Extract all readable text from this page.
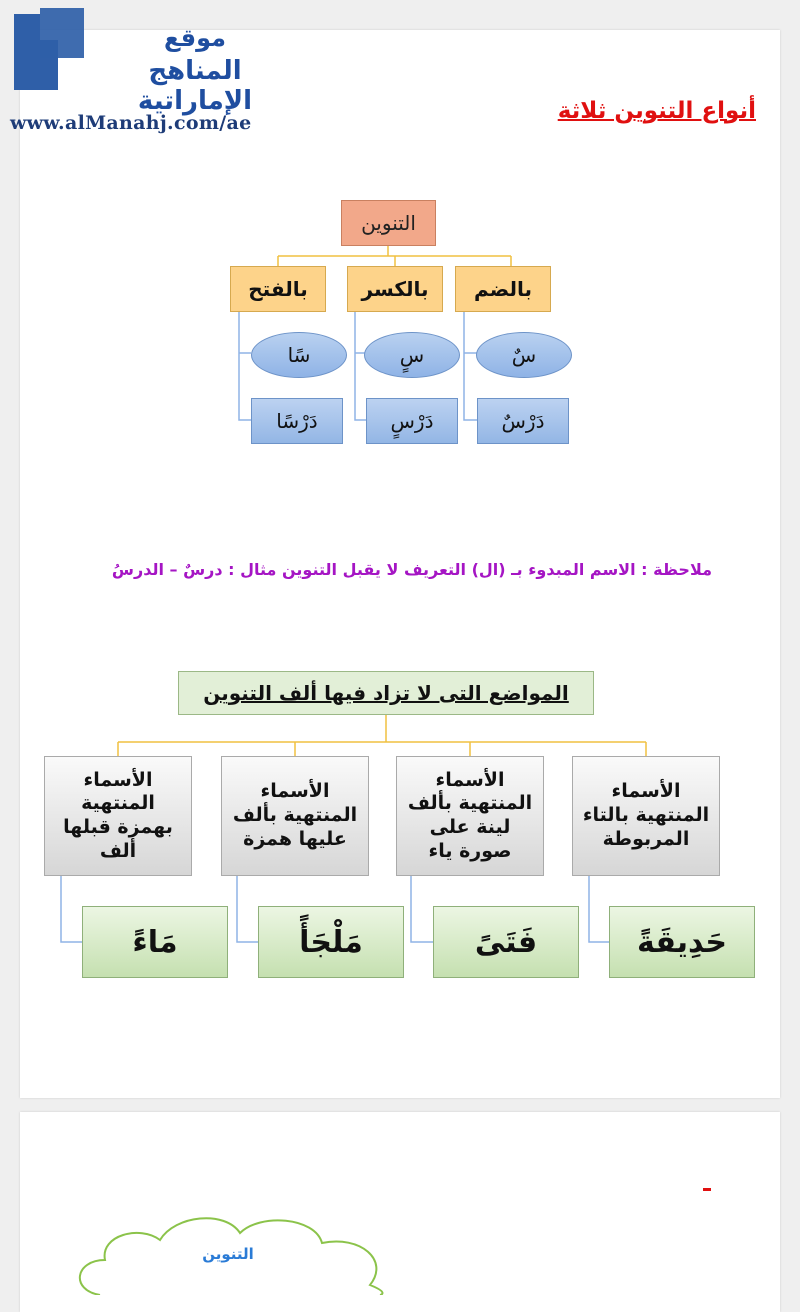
موقع
المناهج الإماراتية
www.alManahj.com/ae	أنواع التنوين ثلاثة
التنوين
بالضم
بالكسر
بالفتح
سٌ
سٍ
سًا
دَرْسٌ
دَرْسٍ
دَرْسًا
ملاحظة : الاسم المبدوء بـ (ال) التعريف لا يقبل التنوين مثال : درسٌ – الدرسُ
المواضع التى لا تزاد فيها ألف التنوين
الأسماء المنتهية بالتاء المربوطة
الأسماء المنتهية بألف لينة على صورة ياء
الأسماء المنتهية بألف عليها همزة
الأسماء المنتهية بهمزة قبلها ألف
حَدِيقَةً
فَتَىً
مَلْجَأً
مَاءً
التنوين
